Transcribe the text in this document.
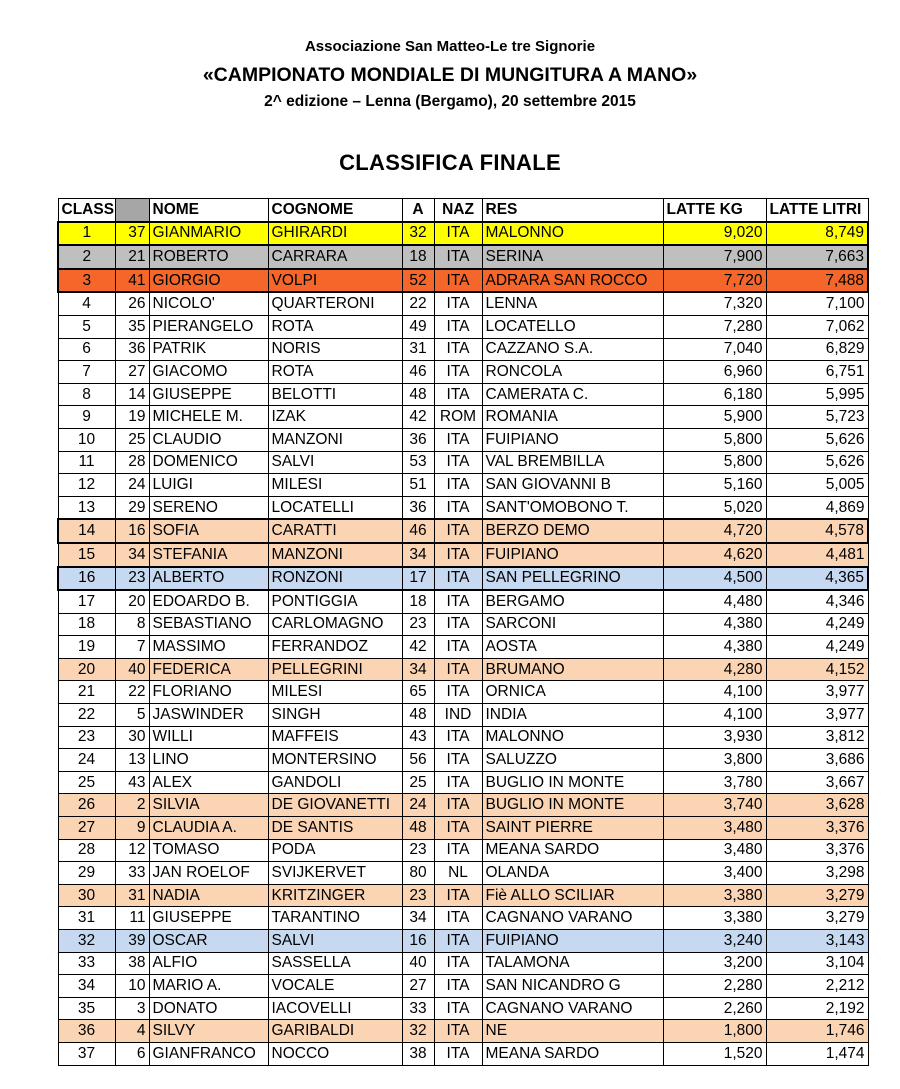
Associazione San Matteo-Le tre Signorie
«CAMPIONATO MONDIALE DI MUNGITURA A MANO»
2^ edizione – Lenna (Bergamo), 20 settembre 2015
CLASSIFICA FINALE
CLASS		NOME	COGNOME	A	NAZ	RES	LATTE KG	LATTE LITRI
1	37	GIANMARIO	GHIRARDI	32	ITA	MALONNO	9,020	8,749
2	21	ROBERTO	CARRARA	18	ITA	SERINA	7,900	7,663
3	41	GIORGIO	VOLPI	52	ITA	ADRARA SAN ROCCO	7,720	7,488
4	26	NICOLO'	QUARTERONI	22	ITA	LENNA	7,320	7,100
5	35	PIERANGELO	ROTA	49	ITA	LOCATELLO	7,280	7,062
6	36	PATRIK	NORIS	31	ITA	CAZZANO S.A.	7,040	6,829
7	27	GIACOMO	ROTA	46	ITA	RONCOLA	6,960	6,751
8	14	GIUSEPPE	BELOTTI	48	ITA	CAMERATA C.	6,180	5,995
9	19	MICHELE M.	IZAK	42	ROM	ROMANIA	5,900	5,723
10	25	CLAUDIO	MANZONI	36	ITA	FUIPIANO	5,800	5,626
11	28	DOMENICO	SALVI	53	ITA	VAL BREMBILLA	5,800	5,626
12	24	LUIGI	MILESI	51	ITA	SAN GIOVANNI B	5,160	5,005
13	29	SERENO	LOCATELLI	36	ITA	SANT'OMOBONO T.	5,020	4,869
14	16	SOFIA	CARATTI	46	ITA	BERZO DEMO	4,720	4,578
15	34	STEFANIA	MANZONI	34	ITA	FUIPIANO	4,620	4,481
16	23	ALBERTO	RONZONI	17	ITA	SAN PELLEGRINO	4,500	4,365
17	20	EDOARDO B.	PONTIGGIA	18	ITA	BERGAMO	4,480	4,346
18	8	SEBASTIANO	CARLOMAGNO	23	ITA	SARCONI	4,380	4,249
19	7	MASSIMO	FERRANDOZ	42	ITA	AOSTA	4,380	4,249
20	40	FEDERICA	PELLEGRINI	34	ITA	BRUMANO	4,280	4,152
21	22	FLORIANO	MILESI	65	ITA	ORNICA	4,100	3,977
22	5	JASWINDER	SINGH	48	IND	INDIA	4,100	3,977
23	30	WILLI	MAFFEIS	43	ITA	MALONNO	3,930	3,812
24	13	LINO	MONTERSINO	56	ITA	SALUZZO	3,800	3,686
25	43	ALEX	GANDOLI	25	ITA	BUGLIO IN MONTE	3,780	3,667
26	2	SILVIA	DE GIOVANETTI	24	ITA	BUGLIO IN MONTE	3,740	3,628
27	9	CLAUDIA A.	DE SANTIS	48	ITA	SAINT PIERRE	3,480	3,376
28	12	TOMASO	PODA	23	ITA	MEANA SARDO	3,480	3,376
29	33	JAN ROELOF	SVIJKERVET	80	NL	OLANDA	3,400	3,298
30	31	NADIA	KRITZINGER	23	ITA	Fiè ALLO SCILIAR	3,380	3,279
31	11	GIUSEPPE	TARANTINO	34	ITA	CAGNANO VARANO	3,380	3,279
32	39	OSCAR	SALVI	16	ITA	FUIPIANO	3,240	3,143
33	38	ALFIO	SASSELLA	40	ITA	TALAMONA	3,200	3,104
34	10	MARIO A.	VOCALE	27	ITA	SAN NICANDRO G	2,280	2,212
35	3	DONATO	IACOVELLI	33	ITA	CAGNANO VARANO	2,260	2,192
36	4	SILVY	GARIBALDI	32	ITA	NE	1,800	1,746
37	6	GIANFRANCO	NOCCO	38	ITA	MEANA SARDO	1,520	1,474
